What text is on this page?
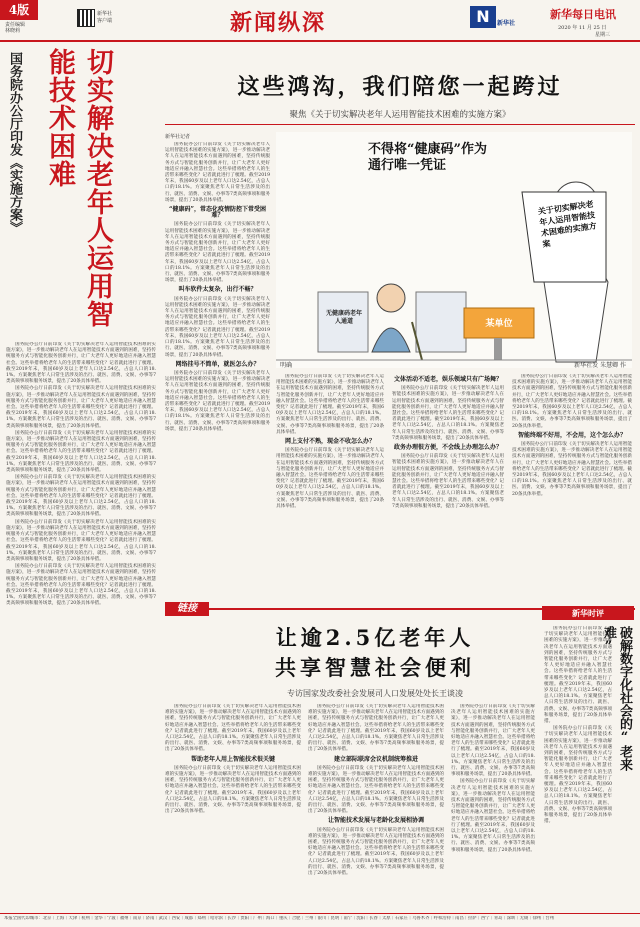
4版
责任编辑
林晓莉
新华社
客户端	新闻纵深	N	新华社
新华每日电讯
2020 年 11 月 25 日
星期三
国务院办公厅印发《实施方案》	切实解决老年人运用智能技术困难	这些鸿沟，我们陪您一起跨过
聚焦《关于切实解决老年人运用智能技术困难的实施方案》

国务院办公厅日前印发《关于切实解决老年人运用智能技术困难的实施方案》，进一步推动解决老年人在运用智能技术方面遇到的困难，坚持传统服务方式与智能化服务创新并行，让广大老年人更好地适应并融入智慧社会。这些举措将给老年人的生活带来哪些变化？记者就此进行了梳理。截至2019年末，我国60岁及以上老年人口达2.54亿，占总人口的18.1%。方案聚焦老年人日常生活涉及的出行、就医、消费、文娱、办事等7类高频事项和服务场景，提出了20条具体举措。

国务院办公厅日前印发《关于切实解决老年人运用智能技术困难的实施方案》，进一步推动解决老年人在运用智能技术方面遇到的困难，坚持传统服务方式与智能化服务创新并行，让广大老年人更好地适应并融入智慧社会。这些举措将给老年人的生活带来哪些变化？记者就此进行了梳理。截至2019年末，我国60岁及以上老年人口达2.54亿，占总人口的18.1%。方案聚焦老年人日常生活涉及的出行、就医、消费、文娱、办事等7类高频事项和服务场景，提出了20条具体举措。

国务院办公厅日前印发《关于切实解决老年人运用智能技术困难的实施方案》，进一步推动解决老年人在运用智能技术方面遇到的困难，坚持传统服务方式与智能化服务创新并行，让广大老年人更好地适应并融入智慧社会。这些举措将给老年人的生活带来哪些变化？记者就此进行了梳理。截至2019年末，我国60岁及以上老年人口达2.54亿，占总人口的18.1%。方案聚焦老年人日常生活涉及的出行、就医、消费、文娱、办事等7类高频事项和服务场景，提出了20条具体举措。

国务院办公厅日前印发《关于切实解决老年人运用智能技术困难的实施方案》，进一步推动解决老年人在运用智能技术方面遇到的困难，坚持传统服务方式与智能化服务创新并行，让广大老年人更好地适应并融入智慧社会。这些举措将给老年人的生活带来哪些变化？记者就此进行了梳理。截至2019年末，我国60岁及以上老年人口达2.54亿，占总人口的18.1%。方案聚焦老年人日常生活涉及的出行、就医、消费、文娱、办事等7类高频事项和服务场景，提出了20条具体举措。

国务院办公厅日前印发《关于切实解决老年人运用智能技术困难的实施方案》，进一步推动解决老年人在运用智能技术方面遇到的困难，坚持传统服务方式与智能化服务创新并行，让广大老年人更好地适应并融入智慧社会。这些举措将给老年人的生活带来哪些变化？记者就此进行了梳理。截至2019年末，我国60岁及以上老年人口达2.54亿，占总人口的18.1%。方案聚焦老年人日常生活涉及的出行、就医、消费、文娱、办事等7类高频事项和服务场景，提出了20条具体举措。

国务院办公厅日前印发《关于切实解决老年人运用智能技术困难的实施方案》，进一步推动解决老年人在运用智能技术方面遇到的困难，坚持传统服务方式与智能化服务创新并行，让广大老年人更好地适应并融入智慧社会。这些举措将给老年人的生活带来哪些变化？记者就此进行了梳理。截至2019年末，我国60岁及以上老年人口达2.54亿，占总人口的18.1%。方案聚焦老年人日常生活涉及的出行、就医、消费、文娱、办事等7类高频事项和服务场景，提出了20条具体举措。

新华社记者

国务院办公厅日前印发《关于切实解决老年人运用智能技术困难的实施方案》，进一步推动解决老年人在运用智能技术方面遇到的困难，坚持传统服务方式与智能化服务创新并行，让广大老年人更好地适应并融入智慧社会。这些举措将给老年人的生活带来哪些变化？记者就此进行了梳理。截至2019年末，我国60岁及以上老年人口达2.54亿，占总人口的18.1%。方案聚焦老年人日常生活涉及的出行、就医、消费、文娱、办事等7类高频事项和服务场景，提出了20条具体举措。

“健康码”，常态化疫情防控下常受困难？

国务院办公厅日前印发《关于切实解决老年人运用智能技术困难的实施方案》，进一步推动解决老年人在运用智能技术方面遇到的困难，坚持传统服务方式与智能化服务创新并行，让广大老年人更好地适应并融入智慧社会。这些举措将给老年人的生活带来哪些变化？记者就此进行了梳理。截至2019年末，我国60岁及以上老年人口达2.54亿，占总人口的18.1%。方案聚焦老年人日常生活涉及的出行、就医、消费、文娱、办事等7类高频事项和服务场景，提出了20条具体举措。

叫车软件太复杂，出行不畅？

国务院办公厅日前印发《关于切实解决老年人运用智能技术困难的实施方案》，进一步推动解决老年人在运用智能技术方面遇到的困难，坚持传统服务方式与智能化服务创新并行，让广大老年人更好地适应并融入智慧社会。这些举措将给老年人的生活带来哪些变化？记者就此进行了梳理。截至2019年末，我国60岁及以上老年人口达2.54亿，占总人口的18.1%。方案聚焦老年人日常生活涉及的出行、就医、消费、文娱、办事等7类高频事项和服务场景，提出了20条具体举措。

网络挂号不简单，就医怎么办？

国务院办公厅日前印发《关于切实解决老年人运用智能技术困难的实施方案》，进一步推动解决老年人在运用智能技术方面遇到的困难，坚持传统服务方式与智能化服务创新并行，让广大老年人更好地适应并融入智慧社会。这些举措将给老年人的生活带来哪些变化？记者就此进行了梳理。截至2019年末，我国60岁及以上老年人口达2.54亿，占总人口的18.1%。方案聚焦老年人日常生活涉及的出行、就医、消费、文娱、办事等7类高频事项和服务场景，提出了20条具体举措。

不得将“健康码”作为通行唯一凭证
无健康码老年人通道	某单位
关于切实解决老年人运用智能技术困难的实施方案
明确	新华社发 朱慧卿 作

国务院办公厅日前印发《关于切实解决老年人运用智能技术困难的实施方案》，进一步推动解决老年人在运用智能技术方面遇到的困难，坚持传统服务方式与智能化服务创新并行，让广大老年人更好地适应并融入智慧社会。这些举措将给老年人的生活带来哪些变化？记者就此进行了梳理。截至2019年末，我国60岁及以上老年人口达2.54亿，占总人口的18.1%。方案聚焦老年人日常生活涉及的出行、就医、消费、文娱、办事等7类高频事项和服务场景，提出了20条具体举措。

网上支付不熟，现金不收怎么办？

国务院办公厅日前印发《关于切实解决老年人运用智能技术困难的实施方案》，进一步推动解决老年人在运用智能技术方面遇到的困难，坚持传统服务方式与智能化服务创新并行，让广大老年人更好地适应并融入智慧社会。这些举措将给老年人的生活带来哪些变化？记者就此进行了梳理。截至2019年末，我国60岁及以上老年人口达2.54亿，占总人口的18.1%。方案聚焦老年人日常生活涉及的出行、就医、消费、文娱、办事等7类高频事项和服务场景，提出了20条具体举措。

文体活动不适老，娱乐领域只有广场舞？

国务院办公厅日前印发《关于切实解决老年人运用智能技术困难的实施方案》，进一步推动解决老年人在运用智能技术方面遇到的困难，坚持传统服务方式与智能化服务创新并行，让广大老年人更好地适应并融入智慧社会。这些举措将给老年人的生活带来哪些变化？记者就此进行了梳理。截至2019年末，我国60岁及以上老年人口达2.54亿，占总人口的18.1%。方案聚焦老年人日常生活涉及的出行、就医、消费、文娱、办事等7类高频事项和服务场景，提出了20条具体举措。

政务办理很方便，不会线上办理怎么办？

国务院办公厅日前印发《关于切实解决老年人运用智能技术困难的实施方案》，进一步推动解决老年人在运用智能技术方面遇到的困难，坚持传统服务方式与智能化服务创新并行，让广大老年人更好地适应并融入智慧社会。这些举措将给老年人的生活带来哪些变化？记者就此进行了梳理。截至2019年末，我国60岁及以上老年人口达2.54亿，占总人口的18.1%。方案聚焦老年人日常生活涉及的出行、就医、消费、文娱、办事等7类高频事项和服务场景，提出了20条具体举措。

国务院办公厅日前印发《关于切实解决老年人运用智能技术困难的实施方案》，进一步推动解决老年人在运用智能技术方面遇到的困难，坚持传统服务方式与智能化服务创新并行，让广大老年人更好地适应并融入智慧社会。这些举措将给老年人的生活带来哪些变化？记者就此进行了梳理。截至2019年末，我国60岁及以上老年人口达2.54亿，占总人口的18.1%。方案聚焦老年人日常生活涉及的出行、就医、消费、文娱、办事等7类高频事项和服务场景，提出了20条具体举措。

智能终端不好用，不会用，这个怎么办？

国务院办公厅日前印发《关于切实解决老年人运用智能技术困难的实施方案》，进一步推动解决老年人在运用智能技术方面遇到的困难，坚持传统服务方式与智能化服务创新并行，让广大老年人更好地适应并融入智慧社会。这些举措将给老年人的生活带来哪些变化？记者就此进行了梳理。截至2019年末，我国60岁及以上老年人口达2.54亿，占总人口的18.1%。方案聚焦老年人日常生活涉及的出行、就医、消费、文娱、办事等7类高频事项和服务场景，提出了20条具体举措。

链接
让逾2.5亿老年人
共享智慧社会便利
专访国家发改委社会发展司人口发展处处长王谈凌

国务院办公厅日前印发《关于切实解决老年人运用智能技术困难的实施方案》，进一步推动解决老年人在运用智能技术方面遇到的困难，坚持传统服务方式与智能化服务创新并行，让广大老年人更好地适应并融入智慧社会。这些举措将给老年人的生活带来哪些变化？记者就此进行了梳理。截至2019年末，我国60岁及以上老年人口达2.54亿，占总人口的18.1%。方案聚焦老年人日常生活涉及的出行、就医、消费、文娱、办事等7类高频事项和服务场景，提出了20条具体举措。

帮助老年人用上智能技术很关键

国务院办公厅日前印发《关于切实解决老年人运用智能技术困难的实施方案》，进一步推动解决老年人在运用智能技术方面遇到的困难，坚持传统服务方式与智能化服务创新并行，让广大老年人更好地适应并融入智慧社会。这些举措将给老年人的生活带来哪些变化？记者就此进行了梳理。截至2019年末，我国60岁及以上老年人口达2.54亿，占总人口的18.1%。方案聚焦老年人日常生活涉及的出行、就医、消费、文娱、办事等7类高频事项和服务场景，提出了20条具体举措。

国务院办公厅日前印发《关于切实解决老年人运用智能技术困难的实施方案》，进一步推动解决老年人在运用智能技术方面遇到的困难，坚持传统服务方式与智能化服务创新并行，让广大老年人更好地适应并融入智慧社会。这些举措将给老年人的生活带来哪些变化？记者就此进行了梳理。截至2019年末，我国60岁及以上老年人口达2.54亿，占总人口的18.1%。方案聚焦老年人日常生活涉及的出行、就医、消费、文娱、办事等7类高频事项和服务场景，提出了20条具体举措。

建立部际联席会议机制统筹推进

国务院办公厅日前印发《关于切实解决老年人运用智能技术困难的实施方案》，进一步推动解决老年人在运用智能技术方面遇到的困难，坚持传统服务方式与智能化服务创新并行，让广大老年人更好地适应并融入智慧社会。这些举措将给老年人的生活带来哪些变化？记者就此进行了梳理。截至2019年末，我国60岁及以上老年人口达2.54亿，占总人口的18.1%。方案聚焦老年人日常生活涉及的出行、就医、消费、文娱、办事等7类高频事项和服务场景，提出了20条具体举措。

让智能技术发展与老龄化发展相协调

国务院办公厅日前印发《关于切实解决老年人运用智能技术困难的实施方案》，进一步推动解决老年人在运用智能技术方面遇到的困难，坚持传统服务方式与智能化服务创新并行，让广大老年人更好地适应并融入智慧社会。这些举措将给老年人的生活带来哪些变化？记者就此进行了梳理。截至2019年末，我国60岁及以上老年人口达2.54亿，占总人口的18.1%。方案聚焦老年人日常生活涉及的出行、就医、消费、文娱、办事等7类高频事项和服务场景，提出了20条具体举措。

国务院办公厅日前印发《关于切实解决老年人运用智能技术困难的实施方案》，进一步推动解决老年人在运用智能技术方面遇到的困难，坚持传统服务方式与智能化服务创新并行，让广大老年人更好地适应并融入智慧社会。这些举措将给老年人的生活带来哪些变化？记者就此进行了梳理。截至2019年末，我国60岁及以上老年人口达2.54亿，占总人口的18.1%。方案聚焦老年人日常生活涉及的出行、就医、消费、文娱、办事等7类高频事项和服务场景，提出了20条具体举措。

国务院办公厅日前印发《关于切实解决老年人运用智能技术困难的实施方案》，进一步推动解决老年人在运用智能技术方面遇到的困难，坚持传统服务方式与智能化服务创新并行，让广大老年人更好地适应并融入智慧社会。这些举措将给老年人的生活带来哪些变化？记者就此进行了梳理。截至2019年末，我国60岁及以上老年人口达2.54亿，占总人口的18.1%。方案聚焦老年人日常生活涉及的出行、就医、消费、文娱、办事等7类高频事项和服务场景，提出了20条具体举措。

新华时评
破解数字化社会的“老来难”

国务院办公厅日前印发《关于切实解决老年人运用智能技术困难的实施方案》，进一步推动解决老年人在运用智能技术方面遇到的困难，坚持传统服务方式与智能化服务创新并行，让广大老年人更好地适应并融入智慧社会。这些举措将给老年人的生活带来哪些变化？记者就此进行了梳理。截至2019年末，我国60岁及以上老年人口达2.54亿，占总人口的18.1%。方案聚焦老年人日常生活涉及的出行、就医、消费、文娱、办事等7类高频事项和服务场景，提出了20条具体举措。

国务院办公厅日前印发《关于切实解决老年人运用智能技术困难的实施方案》，进一步推动解决老年人在运用智能技术方面遇到的困难，坚持传统服务方式与智能化服务创新并行，让广大老年人更好地适应并融入智慧社会。这些举措将给老年人的生活带来哪些变化？记者就此进行了梳理。截至2019年末，我国60岁及以上老年人口达2.54亿，占总人口的18.1%。方案聚焦老年人日常生活涉及的出行、就医、消费、文娱、办事等7类高频事项和服务场景，提出了20条具体举措。

本报全国代印城市：北京｜上海｜天津｜杭州｜金华｜宁波｜福州｜南京｜济南｜武汉｜西安｜成都｜郑州｜哈尔滨｜长沙｜贵阳｜广州｜海口｜重庆｜合肥｜兰州｜银川｜昆明｜南宁｜沈阳｜长春｜太原｜石家庄｜乌鲁木齐｜呼和浩特｜南昌｜拉萨｜西宁｜青岛｜深圳｜无锡｜徐州｜台州
